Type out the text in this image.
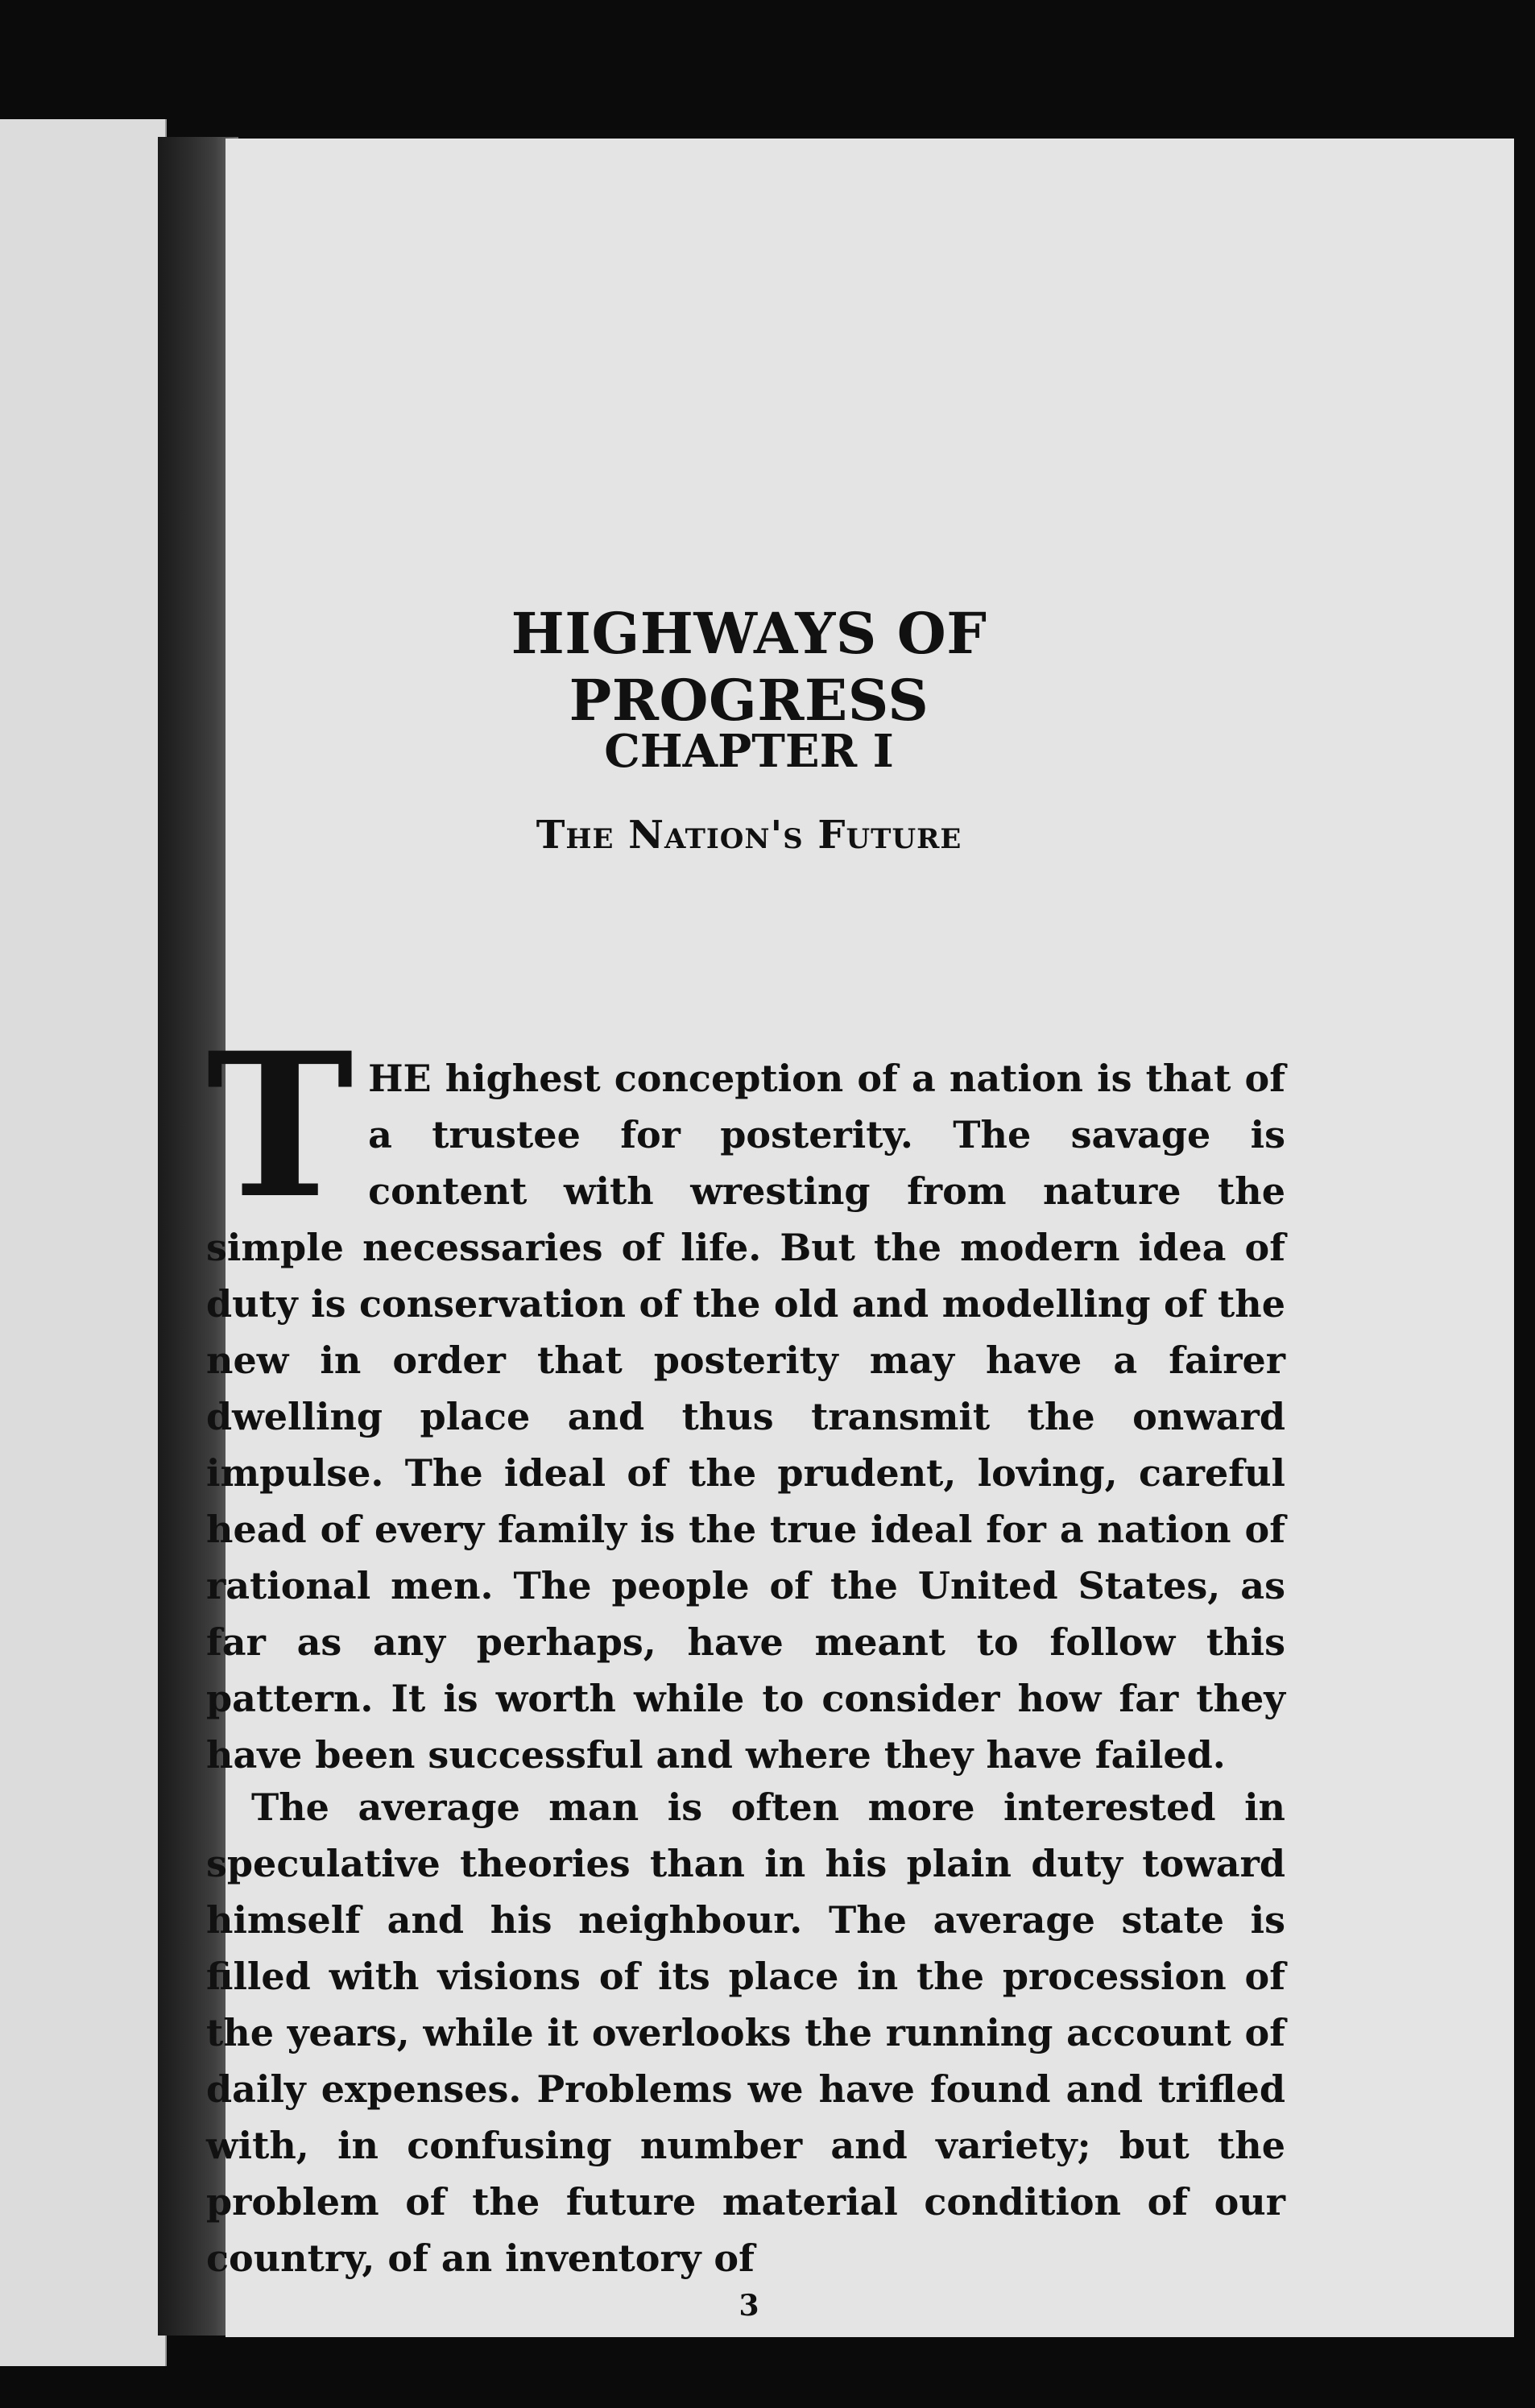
HIGHWAYS OF PROGRESS
CHAPTER I
The Nation's Future

THE highest conception of a nation is that of a trustee for posterity. The savage is content with wresting from nature the simple necessaries of life. But the modern idea of duty is conservation of the old and modelling of the new in order that posterity may have a fairer dwelling place and thus transmit the onward impulse. The ideal of the prudent, loving, careful head of every family is the true ideal for a nation of rational men. The people of the United States, as far as any perhaps, have meant to follow this pattern. It is worth while to consider how far they have been successful and where they have failed.

The average man is often more interested in speculative theories than in his plain duty toward himself and his neighbour. The average state is filled with visions of its place in the procession of the years, while it overlooks the running account of daily expenses. Problems we have found and trifled with, in confusing number and variety; but the problem of the future material condition of our country, of an inventory of

3
